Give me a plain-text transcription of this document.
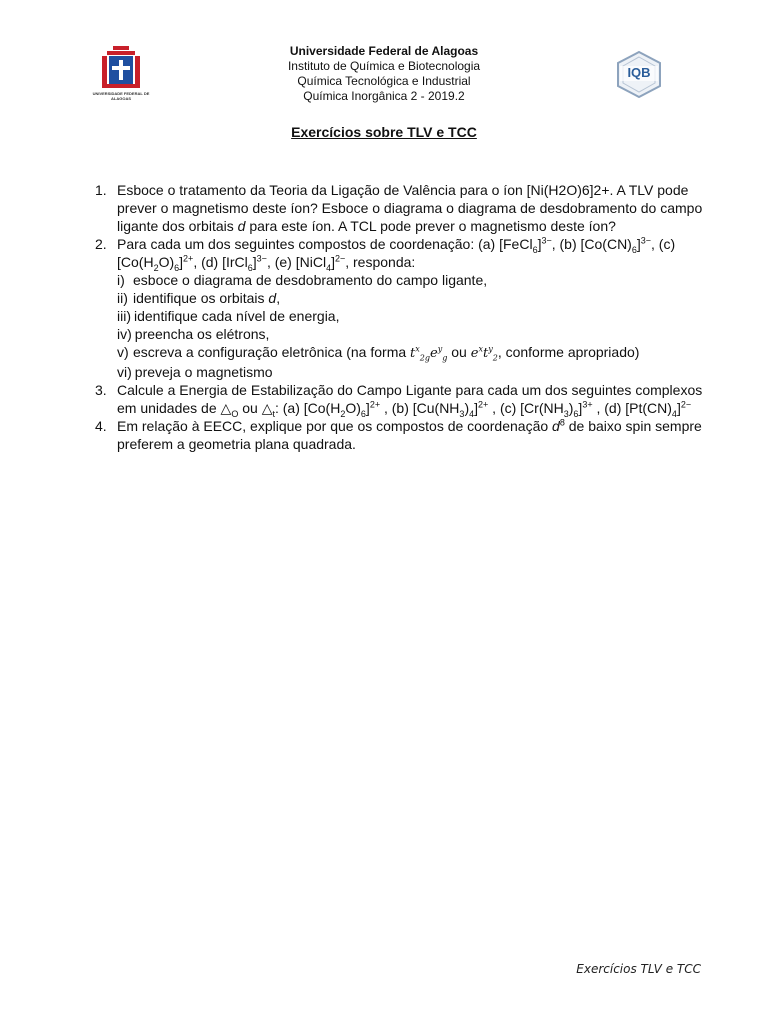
UNIVERSIDADE FEDERAL DE ALAGOAS
IQB
Universidade Federal de Alagoas
Instituto de Química e Biotecnologia
Química Tecnológica e Industrial
Química Inorgânica 2 - 2019.2
Exercícios sobre TLV e TCC
1. Esboce o tratamento da Teoria da Ligação de Valência para o íon [Ni(H2O)6]2+. A TLV pode prever o magnetismo deste íon? Esboce o diagrama o diagrama de desdobramento do campo ligante dos orbitais d para este íon. A TCL pode prever o magnetismo deste íon?
2. Para cada um dos seguintes compostos de coordenação: (a) [FeCl$_6$]$^{3-}$, (b) $[Co(CN)_6]^{3-}$, (c) $[Co(H_2O)_6]^{2+}$, (d) [IrCl$_6$]$^{3-}$, (e) [NiCl$_4$]$^{2-}$, responda:
i) esboce o diagrama de desdobramento do campo ligante,
ii) identifique os orbitais d,
iii) identifique cada nível de energia,
iv) preencha os elétrons,
v) escreva a configuração eletrônica (na forma $t^x_{2g}e^y_g$ ou $e^xt^y_2$, conforme apropriado)
vi) preveja o magnetismo
3. Calcule a Energia de Estabilização do Campo Ligante para cada um dos seguintes complexos em unidades de $\triangle_O$ ou $\triangle_t$: (a) $[Co(H_2O)_6]^{2+}$ , (b) $[Cu(NH_3)_4]^{2+}$ , (c) $[Cr(NH_3)_6]^{3+}$ , (d) $[Pt(CN)_4]^{2-}$
4. Em relação à EECC, explique por que os compostos de coordenação $d^8$ de baixo spin sempre preferem a geometria plana quadrada.
Exercícios TLV e TCC
